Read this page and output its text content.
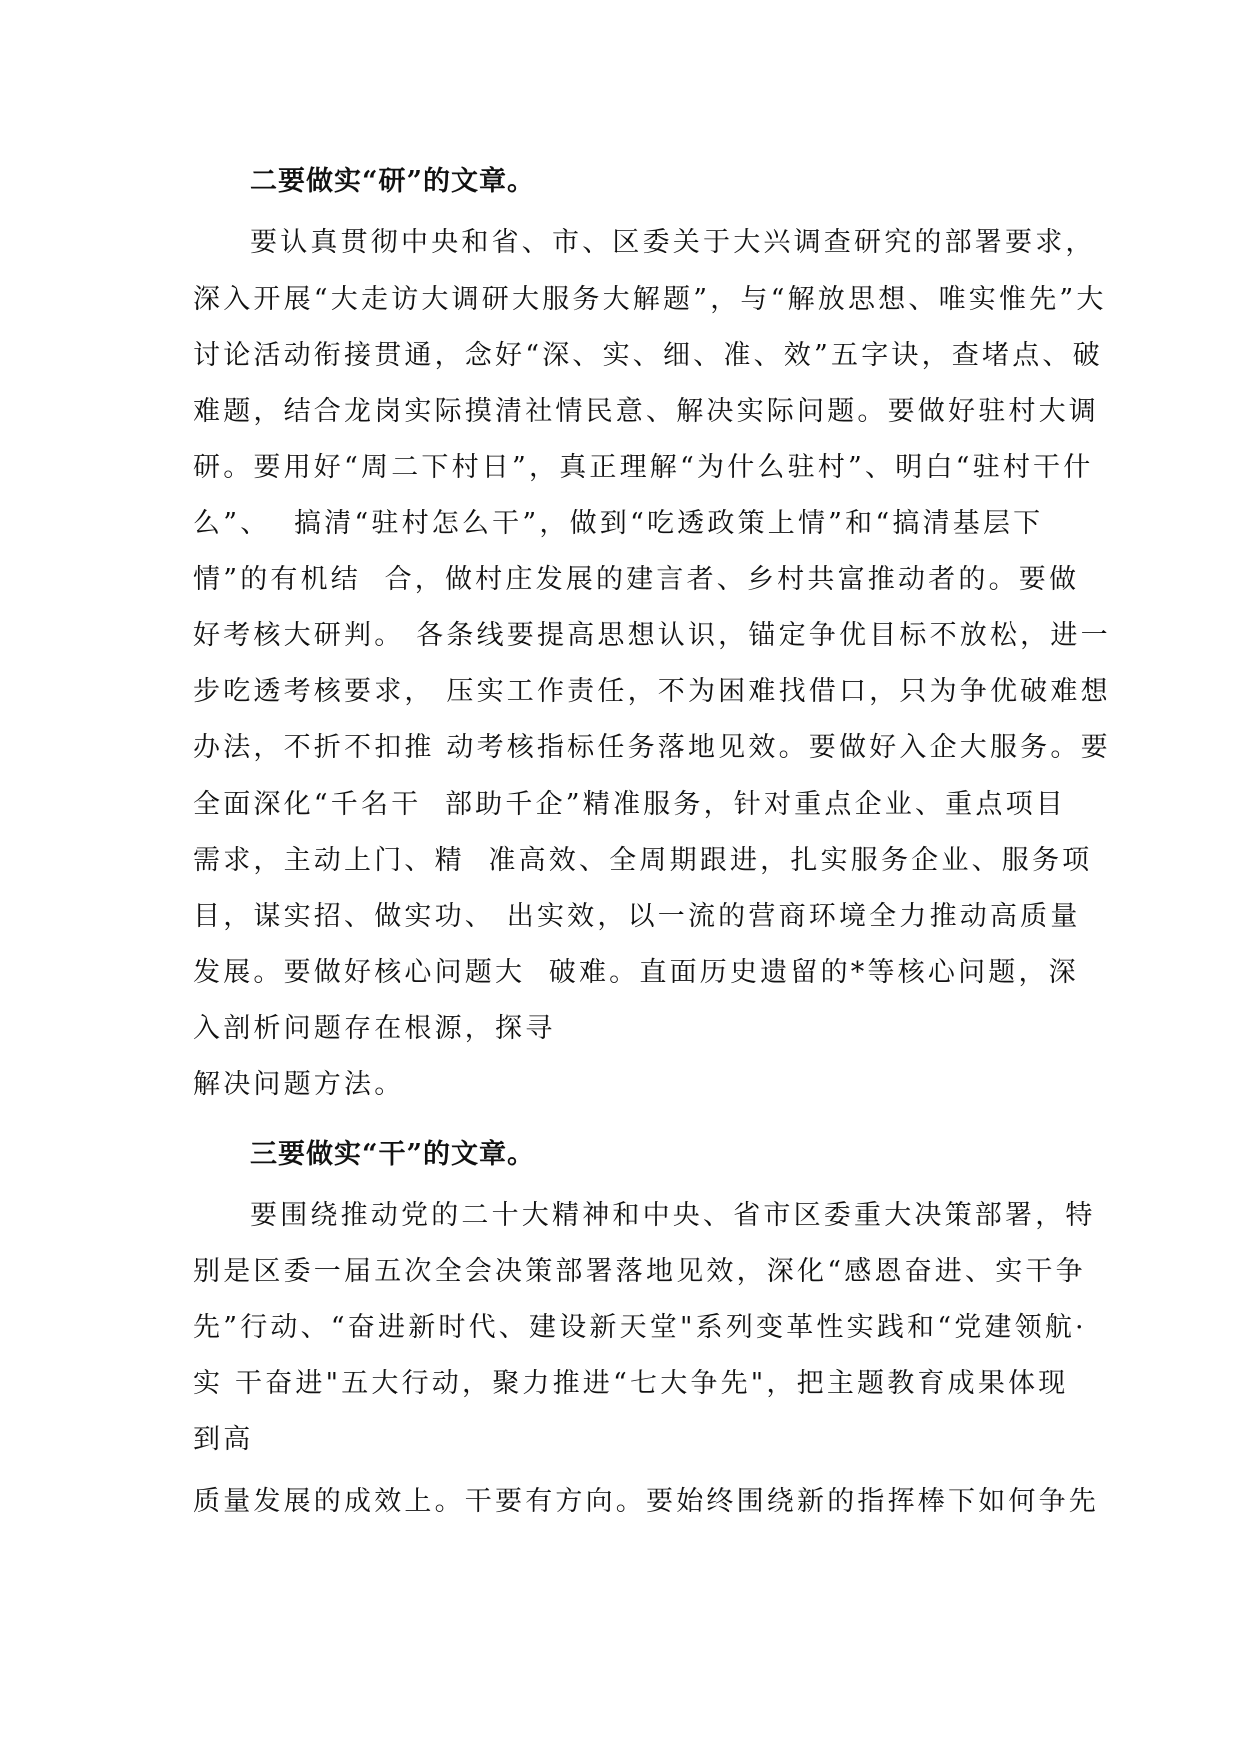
二要做实“研”的文章。

要认真贯彻中央和省、市、区委关于大兴调查研究的部署要求，

深入开展“大走访大调研大服务大解题”，与“解放思想、唯实惟先”大

讨论活动衔接贯通，念好“深、实、细、准、效”五字诀，查堵点、破

难题，结合龙岗实际摸清社情民意、解决实际问题。要做好驻村大调

研。要用好“周二下村日”，真正理解“为什么驻村”、明白“驻村干什

么”、  搞清“驻村怎么干”，做到“吃透政策上情”和“搞清基层下

情”的有机结  合，做村庄发展的建言者、乡村共富推动者的。要做

好考核大研判。 各条线要提高思想认识，锚定争优目标不放松，进一

步吃透考核要求， 压实工作责任，不为困难找借口，只为争优破难想

办法，不折不扣推 动考核指标任务落地见效。要做好入企大服务。要

全面深化“千名干  部助千企”精准服务，针对重点企业、重点项目

需求，主动上门、精  准高效、全周期跟进，扎实服务企业、服务项

目，谋实招、做实功、 出实效，以一流的营商环境全力推动高质量

发展。要做好核心问题大  破难。直面历史遗留的*等核心问题，深

入剖析问题存在根源，探寻

解决问题方法。

三要做实“干”的文章。

要围绕推动党的二十大精神和中央、省市区委重大决策部署，特

别是区委一届五次全会决策部署落地见效，深化“感恩奋进、实干争

先”行动、“奋进新时代、建设新天堂"系列变革性实践和“党建领航·

实 干奋进"五大行动，聚力推进“七大争先"，把主题教育成果体现

到高

质量发展的成效上。干要有方向。要始终围绕新的指挥棒下如何争先
